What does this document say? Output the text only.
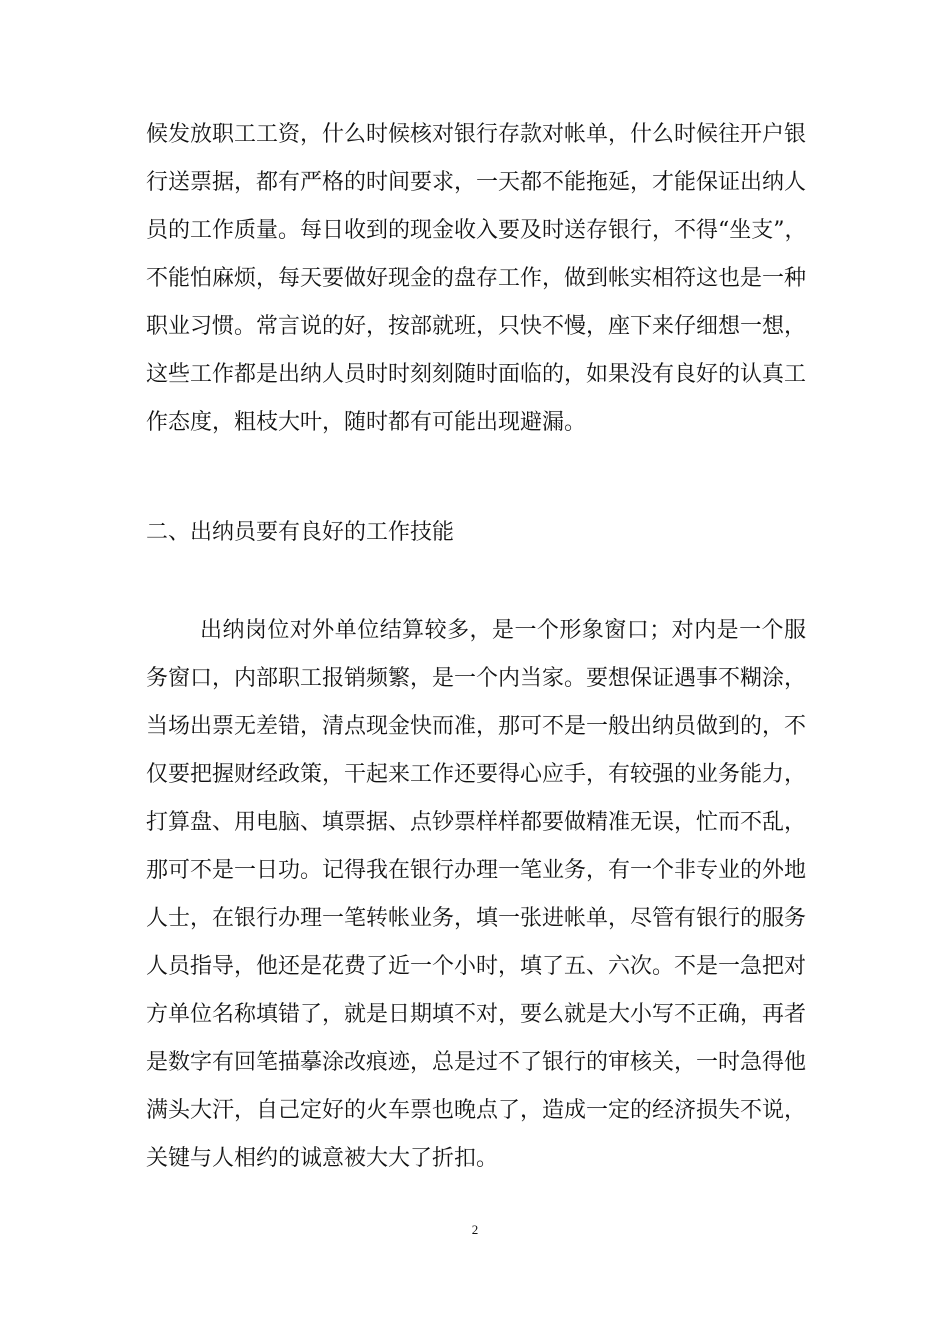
候发放职工工资，什么时候核对银行存款对帐单，什么时候往开户银
行送票据，都有严格的时间要求，一天都不能拖延，才能保证出纳人
员的工作质量。每日收到的现金收入要及时送存银行，不得“坐支”，
不能怕麻烦，每天要做好现金的盘存工作，做到帐实相符这也是一种
职业习惯。常言说的好，按部就班，只快不慢，座下来仔细想一想，
这些工作都是出纳人员时时刻刻随时面临的，如果没有良好的认真工
作态度，粗枝大叶，随时都有可能出现避漏。
二、出纳员要有良好的工作技能
出纳岗位对外单位结算较多，是一个形象窗口；对内是一个服
务窗口，内部职工报销频繁，是一个内当家。要想保证遇事不糊涂，
当场出票无差错，清点现金快而准，那可不是一般出纳员做到的，不
仅要把握财经政策，干起来工作还要得心应手，有较强的业务能力，
打算盘、用电脑、填票据、点钞票样样都要做精准无误，忙而不乱，
那可不是一日功。记得我在银行办理一笔业务，有一个非专业的外地
人士，在银行办理一笔转帐业务，填一张进帐单，尽管有银行的服务
人员指导，他还是花费了近一个小时，填了五、六次。不是一急把对
方单位名称填错了，就是日期填不对，要么就是大小写不正确，再者
是数字有回笔描摹涂改痕迹，总是过不了银行的审核关，一时急得他
满头大汗，自己定好的火车票也晚点了，造成一定的经济损失不说，
关键与人相约的诚意被大大了折扣。
2
